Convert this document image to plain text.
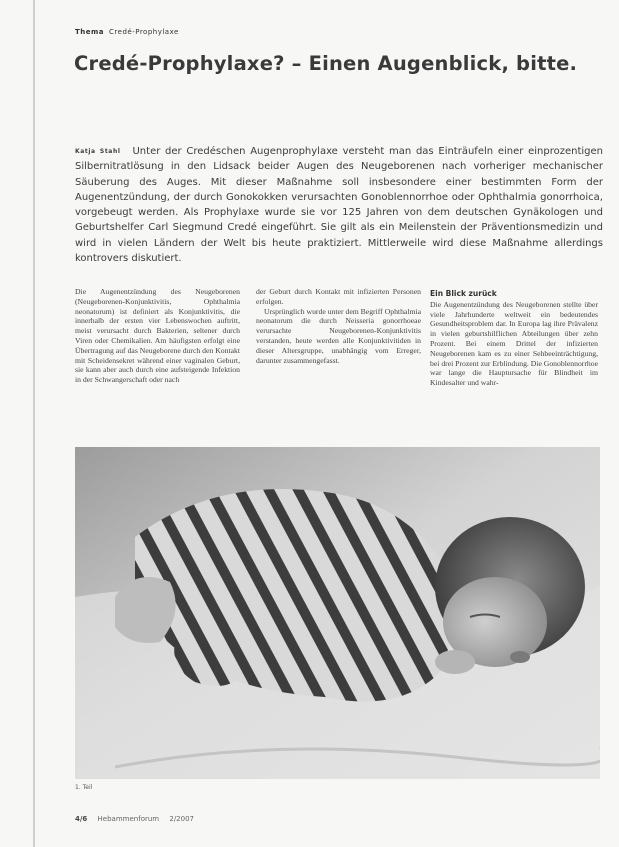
Thema Credé-Prophylaxe
Credé-Prophylaxe? – Einen Augenblick, bitte.

Katja Stahl Unter der Credéschen Augenprophylaxe versteht man das Einträufeln einer einprozentigen Silbernitratlösung in den Lidsack beider Augen des Neugeborenen nach vorheriger mechanischer Säuberung des Auges. Mit dieser Maßnahme soll insbesondere einer bestimmten Form der Augenentzündung, der durch Gonokokken verursachten Gonoblennorrhoe oder Ophthalmia gonorrhoica, vorgebeugt werden. Als Prophylaxe wurde sie vor 125 Jahren von dem deutschen Gynäkologen und Geburtshelfer Carl Siegmund Credé eingeführt. Sie gilt als ein Meilenstein der Präventionsmedizin und wird in vielen Ländern der Welt bis heute praktiziert. Mittlerweile wird diese Maßnahme allerdings kontrovers diskutiert.

Die Augenentzündung des Neugeborenen (Neugeborenen-Konjunktivitis, Ophthalmia neonatorum) ist definiert als Konjunktivitis, die innerhalb der ersten vier Lebenswochen auftritt, meist verursacht durch Bakterien, seltener durch Viren oder Chemikalien. Am häufigsten erfolgt eine Übertragung auf das Neugeborene durch den Kontakt mit Scheidensekret während einer vaginalen Geburt, sie kann aber auch durch eine aufsteigende Infektion in der Schwangerschaft oder nach

der Geburt durch Kontakt mit infizierten Personen erfolgen.

Ursprünglich wurde unter dem Begriff Ophthalmia neonatorum die durch Neisseria gonorrhoeae verursachte Neugeborenen-Konjunktivitis verstanden, heute werden alle Konjunktivitiden in dieser Altersgruppe, unabhängig vom Erreger, darunter zusammengefasst.

Ein Blick zurück

Die Augenentzündung des Neugeborenen stellte über viele Jahrhunderte weltweit ein bedeutendes Gesundheitsproblem dar. In Europa lag ihre Prävalenz in vielen geburtshilflichen Abteilungen über zehn Prozent. Bei einem Drittel der infizierten Neugeborenen kam es zu einer Sehbeeinträchtigung, bei drei Prozent zur Erblindung. Die Gonoblennorrhoe war lange die Hauptursache für Blindheit im Kindesalter und wahr-

1. Teil
4/6 Hebammenforum 2/2007
